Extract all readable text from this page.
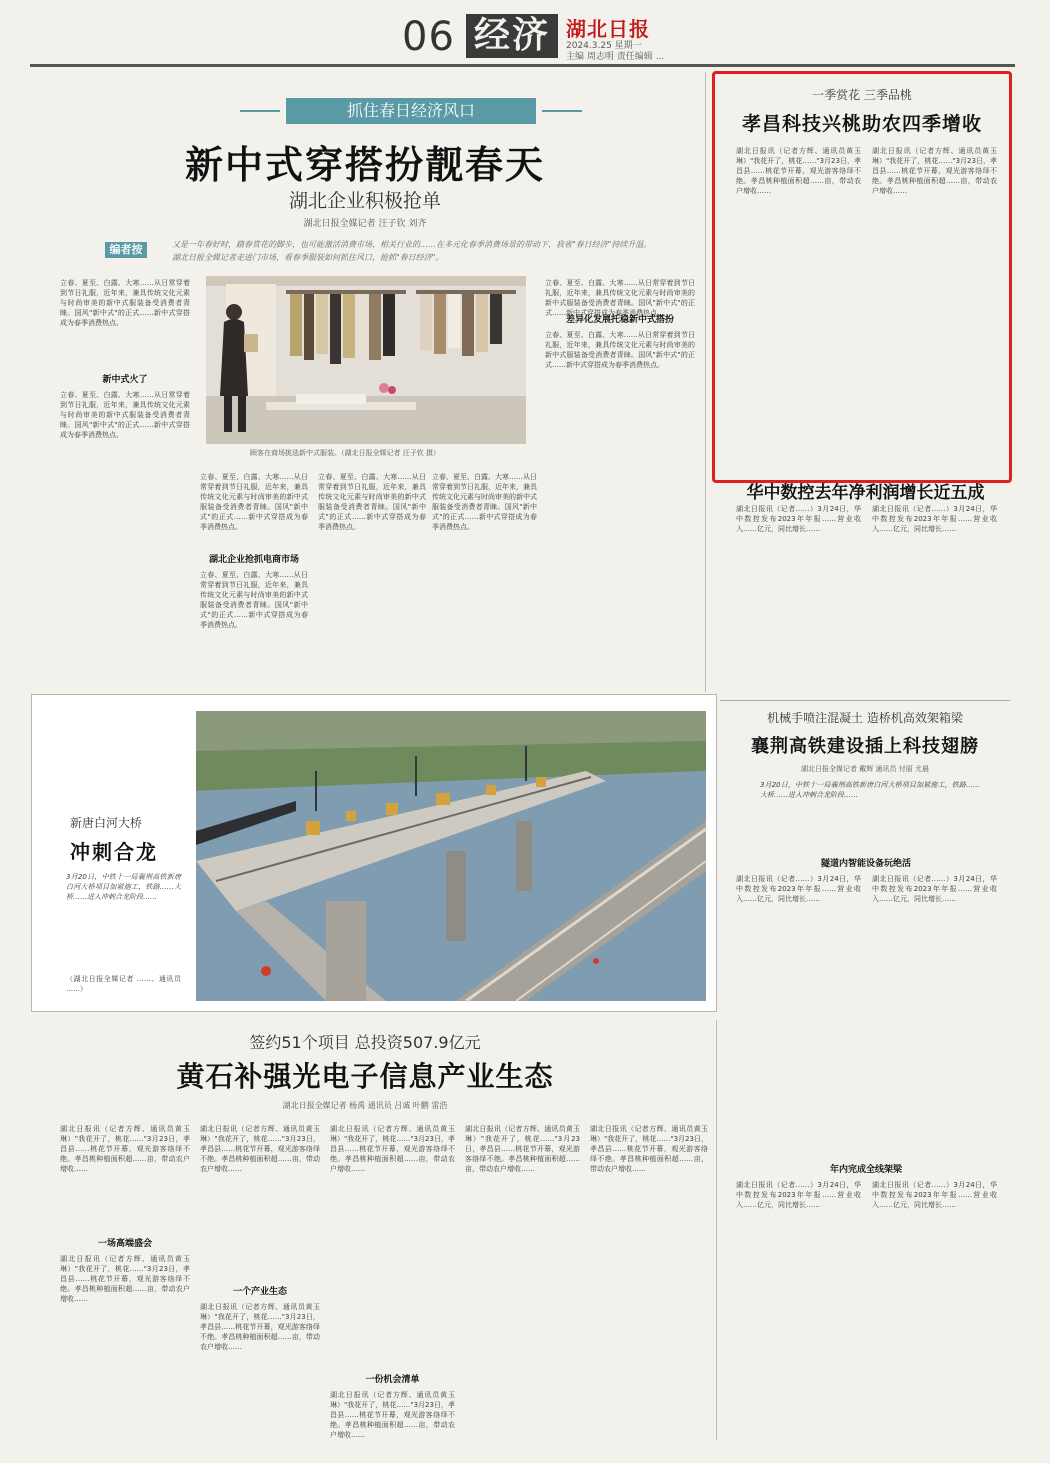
06 经济 湖北日报
2024.3.25 星期一
主编 周志明 责任编辑 ...
抓住春日经济风口
新中式穿搭扮靓春天
湖北企业积极抢单
湖北日报全媒记者 汪子钦 刘齐
编者按	又是一年春好时，踏春赏花的脚步，也可能激活消费市场，相关行业的……在多元化春季消费场景的带动下，我省"春日经济"持续升温。湖北日报全媒记者走进门市场，看春季服装如何抓住风口，抢抓"春日经济"。
立春、夏至、白露、大寒……从日常穿着到节日礼服，近年来，兼具传统文化元素与时尚审美的新中式服装备受消费者青睐。国风"新中式"的正式……新中式穿搭成为春季消费热点。
新中式火了
立春、夏至、白露、大寒……从日常穿着到节日礼服，近年来，兼具传统文化元素与时尚审美的新中式服装备受消费者青睐。国风"新中式"的正式……新中式穿搭成为春季消费热点。
顾客在商场挑选新中式服装。（湖北日报全媒记者 汪子钦 摄）
立春、夏至、白露、大寒……从日常穿着到节日礼服，近年来，兼具传统文化元素与时尚审美的新中式服装备受消费者青睐。国风"新中式"的正式……新中式穿搭成为春季消费热点。
差异化发展托稳新中式搭扮
立春、夏至、白露、大寒……从日常穿着到节日礼服，近年来，兼具传统文化元素与时尚审美的新中式服装备受消费者青睐。国风"新中式"的正式……新中式穿搭成为春季消费热点。
立春、夏至、白露、大寒……从日常穿着到节日礼服，近年来，兼具传统文化元素与时尚审美的新中式服装备受消费者青睐。国风"新中式"的正式……新中式穿搭成为春季消费热点。
湖北企业抢抓电商市场
立春、夏至、白露、大寒……从日常穿着到节日礼服，近年来，兼具传统文化元素与时尚审美的新中式服装备受消费者青睐。国风"新中式"的正式……新中式穿搭成为春季消费热点。
立春、夏至、白露、大寒……从日常穿着到节日礼服，近年来，兼具传统文化元素与时尚审美的新中式服装备受消费者青睐。国风"新中式"的正式……新中式穿搭成为春季消费热点。
立春、夏至、白露、大寒……从日常穿着到节日礼服，近年来，兼具传统文化元素与时尚审美的新中式服装备受消费者青睐。国风"新中式"的正式……新中式穿搭成为春季消费热点。
一季赏花 三季品桃
孝昌科技兴桃助农四季增收
湖北日报讯（记者方辉、通讯员黄玉琳）"我花开了，桃花……"3月23日，孝昌县……桃花节开幕，观光游客络绎不绝。孝昌桃种植面积超……亩，带动农户增收……
湖北日报讯（记者方辉、通讯员黄玉琳）"我花开了，桃花……"3月23日，孝昌县……桃花节开幕，观光游客络绎不绝。孝昌桃种植面积超……亩，带动农户增收……
华中数控去年净利润增长近五成
湖北日报讯（记者……）3月24日，华中数控发布2023年年报……营业收入……亿元，同比增长……
湖北日报讯（记者……）3月24日，华中数控发布2023年年报……营业收入……亿元，同比增长……
新唐白河大桥
冲刺合龙
3月20日，中铁十一局襄荆高铁新唐白河大桥项目加紧施工，铁路……大桥……进入冲刺合龙阶段……
（湖北日报全媒记者 ……、通讯员 ……）
机械手喷注混凝土 造桥机高效架箱梁
襄荆高铁建设插上科技翅膀
湖北日报全媒记者 戴辉 通讯员 付丽 尤晨
3月20日，中铁十一局襄荆高铁新唐白河大桥项目加紧施工，铁路……大桥……进入冲刺合龙阶段……
隧道内智能设备玩绝活
湖北日报讯（记者……）3月24日，华中数控发布2023年年报……营业收入……亿元，同比增长……
湖北日报讯（记者……）3月24日，华中数控发布2023年年报……营业收入……亿元，同比增长……
年内完成全线架梁
湖北日报讯（记者……）3月24日，华中数控发布2023年年报……营业收入……亿元，同比增长……
湖北日报讯（记者……）3月24日，华中数控发布2023年年报……营业收入……亿元，同比增长……
签约51个项目 总投资507.9亿元
黄石补强光电子信息产业生态
湖北日报全媒记者 杨禹 通讯员 吕诚 叶鹏 雷浩
湖北日报讯（记者方辉、通讯员黄玉琳）"我花开了，桃花……"3月23日，孝昌县……桃花节开幕，观光游客络绎不绝。孝昌桃种植面积超……亩，带动农户增收……
一场高端盛会
湖北日报讯（记者方辉、通讯员黄玉琳）"我花开了，桃花……"3月23日，孝昌县……桃花节开幕，观光游客络绎不绝。孝昌桃种植面积超……亩，带动农户增收……
湖北日报讯（记者方辉、通讯员黄玉琳）"我花开了，桃花……"3月23日，孝昌县……桃花节开幕，观光游客络绎不绝。孝昌桃种植面积超……亩，带动农户增收……
一个产业生态
湖北日报讯（记者方辉、通讯员黄玉琳）"我花开了，桃花……"3月23日，孝昌县……桃花节开幕，观光游客络绎不绝。孝昌桃种植面积超……亩，带动农户增收……
湖北日报讯（记者方辉、通讯员黄玉琳）"我花开了，桃花……"3月23日，孝昌县……桃花节开幕，观光游客络绎不绝。孝昌桃种植面积超……亩，带动农户增收……
一份机会清单
湖北日报讯（记者方辉、通讯员黄玉琳）"我花开了，桃花……"3月23日，孝昌县……桃花节开幕，观光游客络绎不绝。孝昌桃种植面积超……亩，带动农户增收……
湖北日报讯（记者方辉、通讯员黄玉琳）"我花开了，桃花……"3月23日，孝昌县……桃花节开幕，观光游客络绎不绝。孝昌桃种植面积超……亩，带动农户增收……
湖北日报讯（记者方辉、通讯员黄玉琳）"我花开了，桃花……"3月23日，孝昌县……桃花节开幕，观光游客络绎不绝。孝昌桃种植面积超……亩，带动农户增收……
